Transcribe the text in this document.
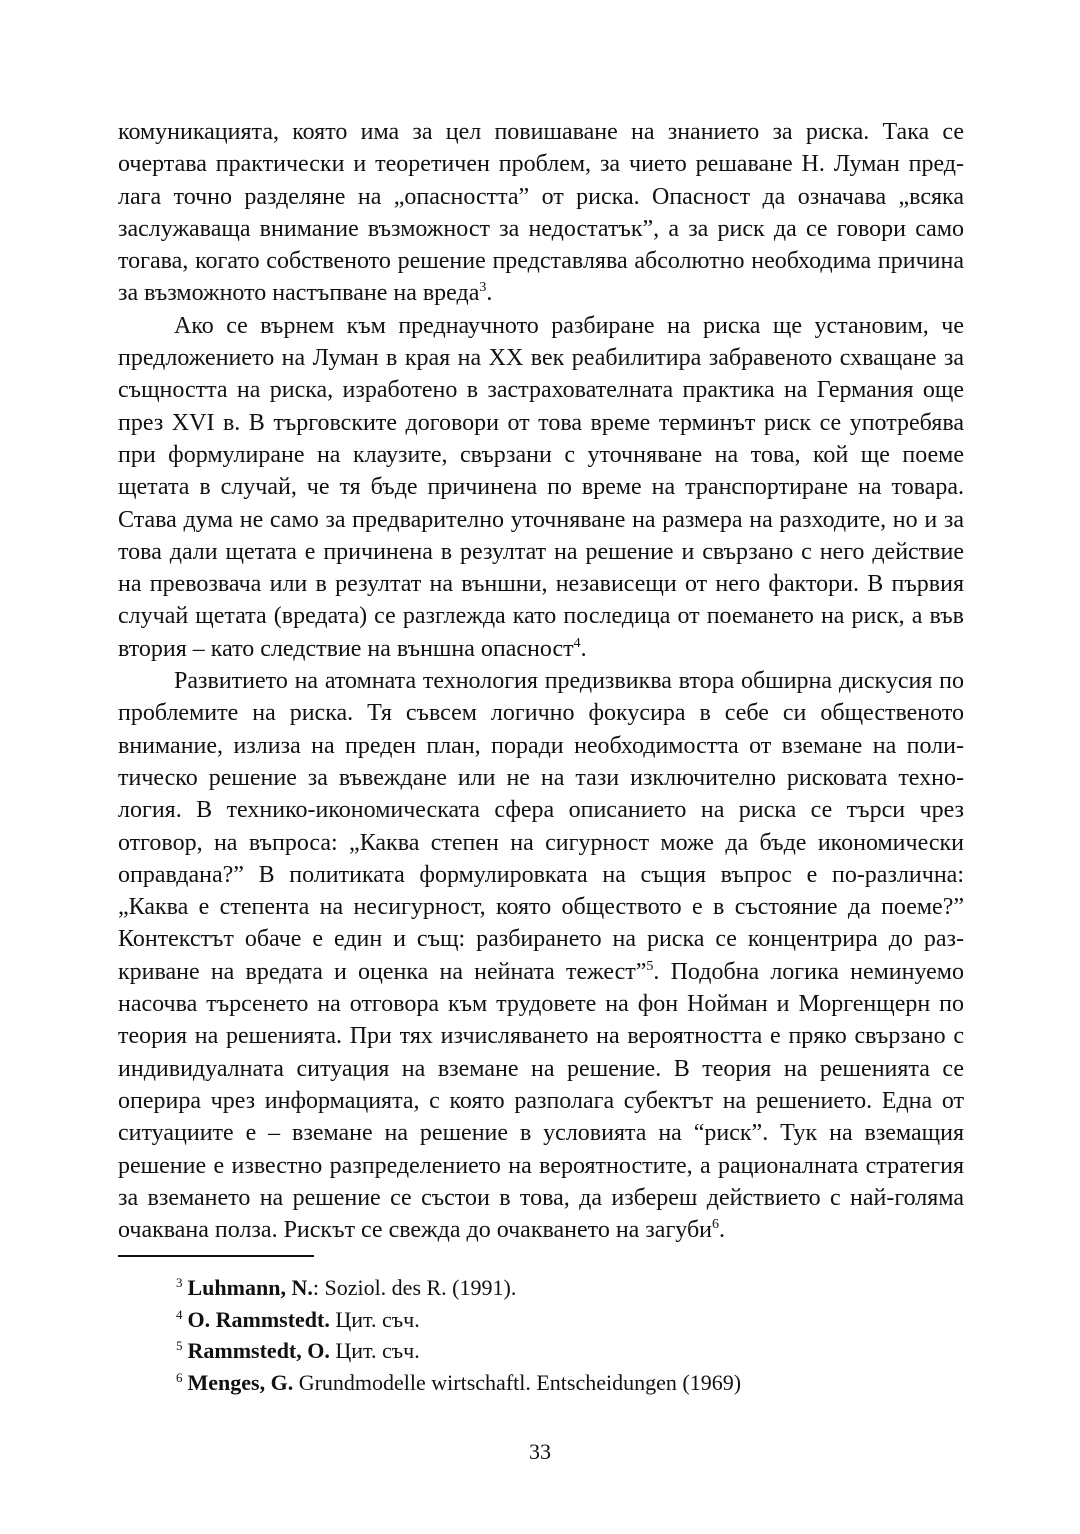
комуникацията, която има за цел повишаване на знанието за риска. Така се очертава практически и теоретичен проблем, за чието решаване Н. Луман предлага точно разделяне на „опасността” от риска. Опасност да означава „всяка заслужаваща внимание възможност за недостатък”, а за риск да се говори само тогава, когато собственото решение представлява абсолютно необходима причина за възможното настъпване на вреда$^3$.

Ако се върнем към преднаучното разбиране на риска ще установим, че предложението на Луман в края на XX век реабилитира забравеното схващане за същността на риска, изработено в застрахователната практика на Германия още през XVI в. В търговските договори от това време терминът риск се употребява при формулиране на клаузите, свързани с уточняване на това, кой ще поеме щетата в случай, че тя бъде причинена по време на транспортиране на товара. Става дума не само за предварително уточняване на размера на разходите, но и за това дали щетата е причинена в резултат на решение и свързано с него действие на превозвача или в резултат на външни, независещи от него фактори. В първия случай щетата (вредата) се разглежда като последица от поемането на риск, а във втория – като следствие на външна опасност$^4$.

Развитието на атомната технология предизвиква втора обширна дискусия по проблемите на риска. Тя съвсем логично фокусира в себе си общественото внимание, излиза на преден план, поради необходимостта от вземане на политическо решение за въвеждане или не на тази изключително рисковата технология. В технико-икономическата сфера описанието на риска се търси чрез отговор, на въпроса: „Каква степен на сигурност може да бъде икономически оправдана?” В политиката формулировката на същия въпрос е по-различна: „Каква е степента на несигурност, която обществото е в състояние да поеме?” Контекстът обаче е един и същ: разбирането на риска се концентрира до разкриване на вредата и оценка на нейната тежест”$^5$. Подобна логика неминуемо насочва търсенето на отговора към трудовете на фон Нойман и Моргенщерн по теория на решенията. При тях изчисляването на вероятността е пряко свързано с индивидуалната ситуация на вземане на решение. В теория на решенията се оперира чрез информацията, с която разполага субектът на решението. Една от ситуациите е – вземане на решение в условията на “риск”. Тук на вземащия решение е известно разпределението на вероятностите, а рационалната стратегия за вземането на решение се състои в това, да избереш действието с най-голяма очаквана полза. Рискът се свежда до очакването на загуби$^6$.

$^3$ Luhmann, N.: Soziol. des R. (1991).
$^4$ O. Rammstedt. Цит. съч.
$^5$ Rammstedt, O. Цит. съч.
$^6$ Menges, G. Grundmodelle wirtschaftl. Entscheidungen (1969)
33
